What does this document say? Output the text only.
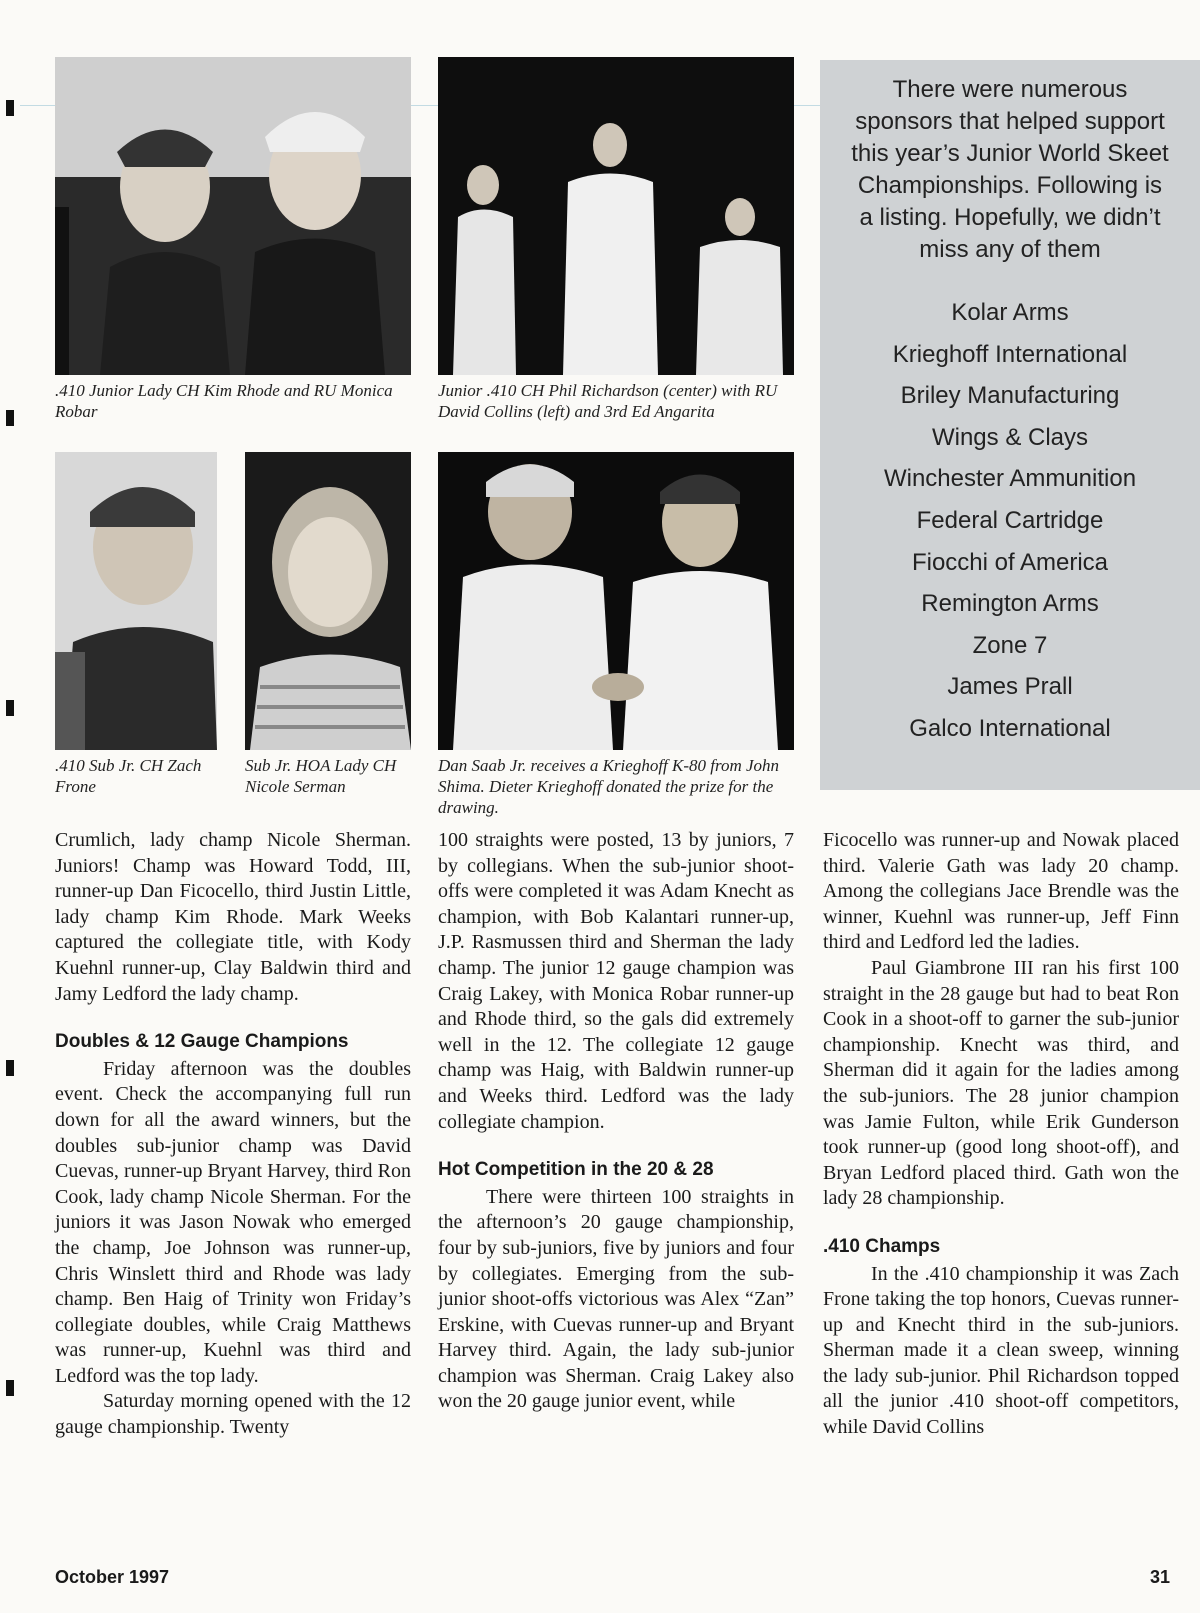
.410 Junior Lady CH Kim Rhode and RU Monica Robar
Junior .410 CH Phil Richardson (center) with RU David Collins (left) and 3rd Ed Angarita
.410 Sub Jr. CH Zach Frone
Sub Jr. HOA Lady CH Nicole Serman
Dan Saab Jr. receives a Krieghoff K-80 from John Shima. Dieter Krieghoff donated the prize for the drawing.
There were numerous sponsors that helped support this year’s Junior World Skeet Championships. Following is a listing. Hopefully, we didn’t miss any of them
Kolar Arms
Krieghoff International
Briley Manufacturing
Wings & Clays
Winchester Ammunition
Federal Cartridge
Fiocchi of America
Remington Arms
Zone 7
James Prall
Galco International

Crumlich, lady champ Nicole Sherman. Juniors! Champ was Howard Todd, III, runner-up Dan Ficocello, third Justin Little, lady champ Kim Rhode. Mark Weeks captured the collegiate title, with Kody Kuehnl runner-up, Clay Baldwin third and Jamy Ledford the lady champ.

Doubles & 12 Gauge Champions

Friday afternoon was the doubles event. Check the accompanying full run down for all the award winners, but the doubles sub-junior champ was David Cuevas, runner-up Bryant Harvey, third Ron Cook, lady champ Nicole Sherman. For the juniors it was Jason Nowak who emerged the champ, Joe Johnson was runner-up, Chris Winslett third and Rhode was lady champ. Ben Haig of Trinity won Friday’s collegiate doubles, while Craig Matthews was runner-up, Kuehnl was third and Ledford was the top lady.

Saturday morning opened with the 12 gauge championship. Twenty

100 straights were posted, 13 by juniors, 7 by collegians. When the sub-junior shoot-offs were completed it was Adam Knecht as champion, with Bob Kalantari runner-up, J.P. Rasmussen third and Sherman the lady champ. The junior 12 gauge champion was Craig Lakey, with Monica Robar runner-up and Rhode third, so the gals did extremely well in the 12. The collegiate 12 gauge champ was Haig, with Baldwin runner-up and Weeks third. Ledford was the lady collegiate champion.

Hot Competition in the 20 & 28

There were thirteen 100 straights in the afternoon’s 20 gauge championship, four by sub-juniors, five by juniors and four by collegiates. Emerging from the sub-junior shoot-offs victorious was Alex “Zan” Erskine, with Cuevas runner-up and Bryant Harvey third. Again, the lady sub-junior champion was Sherman. Craig Lakey also won the 20 gauge junior event, while

Ficocello was runner-up and Nowak placed third. Valerie Gath was lady 20 champ. Among the collegians Jace Brendle was the winner, Kuehnl was runner-up, Jeff Finn third and Ledford led the ladies.

Paul Giambrone III ran his first 100 straight in the 28 gauge but had to beat Ron Cook in a shoot-off to garner the sub-junior championship. Knecht was third, and Sherman did it again for the ladies among the sub-juniors. The 28 junior champion was Jamie Fulton, while Erik Gunderson took runner-up (good long shoot-off), and Bryan Ledford placed third. Gath won the lady 28 championship.

.410 Champs

In the .410 championship it was Zach Frone taking the top honors, Cuevas runner-up and Knecht third in the sub-juniors. Sherman made it a clean sweep, winning the lady sub-junior. Phil Richardson topped all the junior .410 shoot-off competitors, while David Collins

October 1997	31
